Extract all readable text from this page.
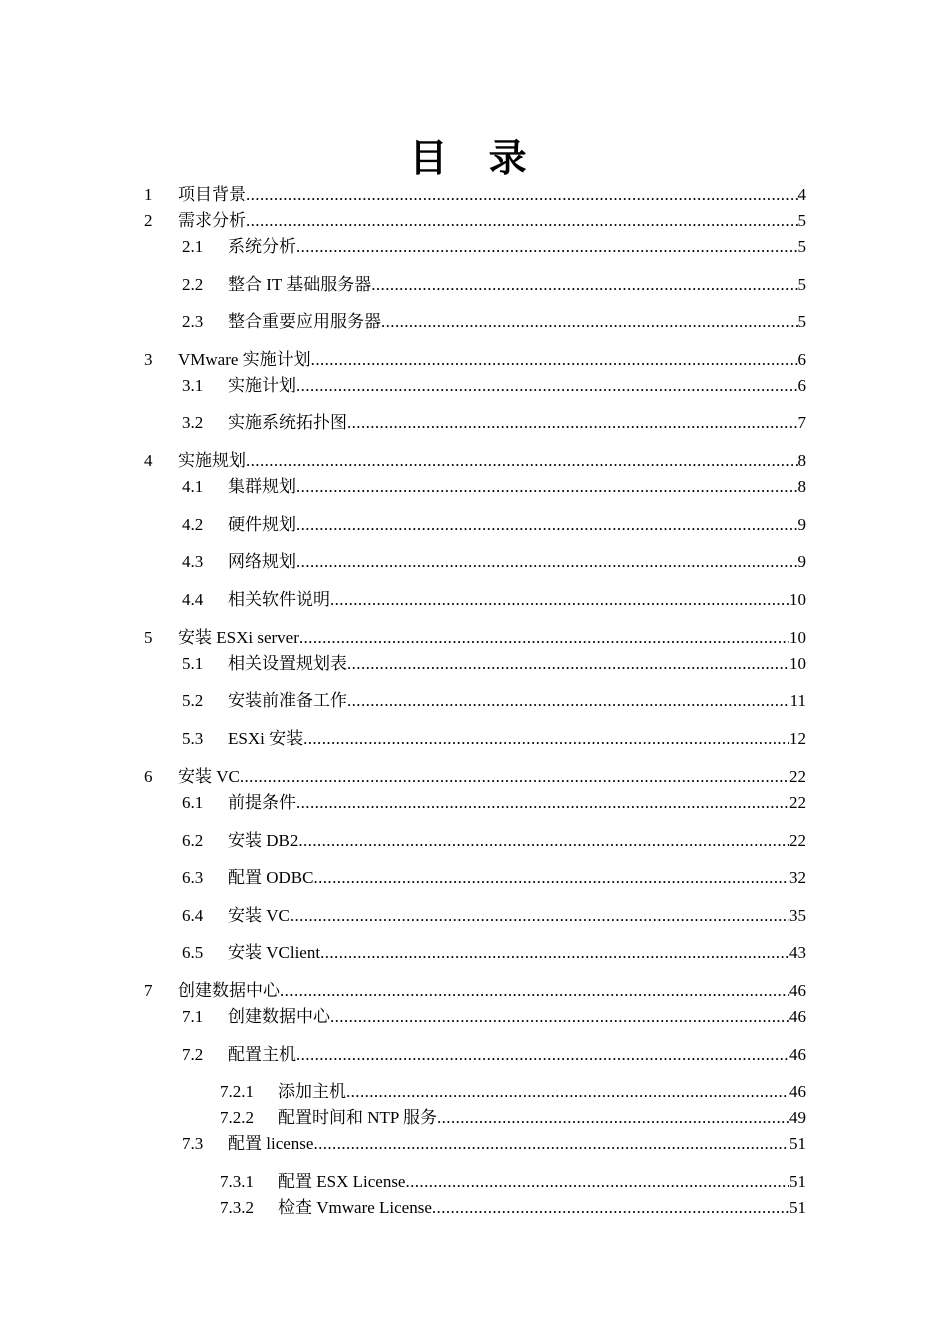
目 录
1	项目背景 .....	4
2	需求分析 .....	5
2.1	系统分析 .....	5
2.2	整合 IT 基础服务器 .....	5
2.3	整合重要应用服务器 .....	5
3	VMware 实施计划 .....	6
3.1	实施计划 .....	6
3.2	实施系统拓扑图 .....	7
4	实施规划 .....	8
4.1	集群规划 .....	8
4.2	硬件规划 .....	9
4.3	网络规划 .....	9
4.4	相关软件说明 .....	10
5	安装 ESXi server .....	10
5.1	相关设置规划表 .....	10
5.2	安装前准备工作 .....	11
5.3	ESXi 安装 .....	12
6	安装 VC .....	22
6.1	前提条件 .....	22
6.2	安装 DB2 .....	22
6.3	配置 ODBC .....	32
6.4	安装 VC .....	35
6.5	安装 VClient .....	43
7	创建数据中心 .....	46
7.1	创建数据中心 .....	46
7.2	配置主机 .....	46
7.2.1	添加主机 .....	46
7.2.2	配置时间和 NTP 服务 .....	49
7.3	配置 license .....	51
7.3.1	配置 ESX License .....	51
7.3.2	检查 Vmware License .....	51
